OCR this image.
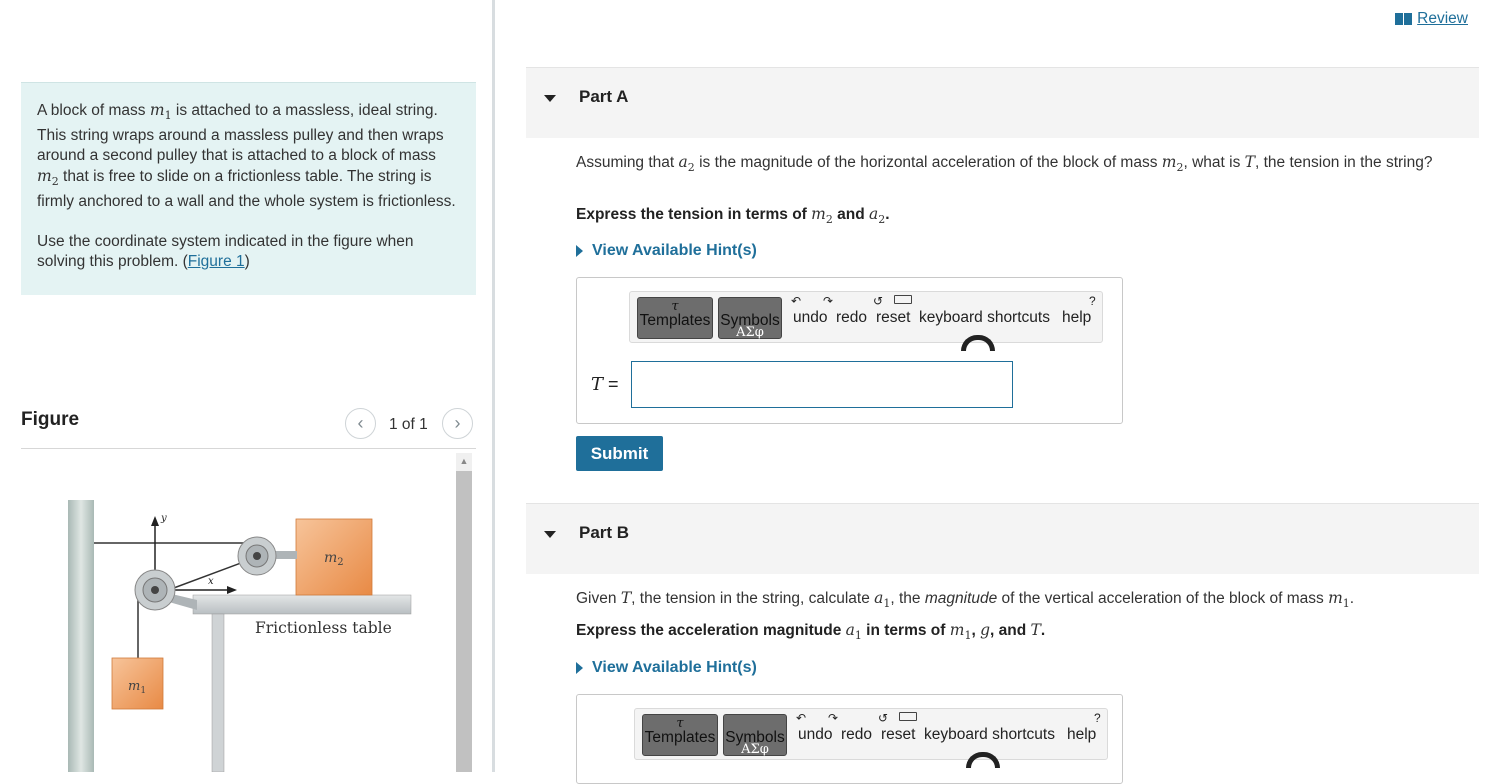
A block of mass $m_1$ is attached to a massless, ideal string. This string wraps around a massless pulley and then wraps around a second pulley that is attached to a block of mass $m_2$ that is free to slide on a frictionless table. The string is firmly anchored to a wall and the whole system is frictionless.

Use the coordinate system indicated in the figure when solving this problem. (Figure 1)

Figure	‹	1 of 1	›
y
x
$m_2$
$m_1$
Frictionless table
▲
Review
Part A
Assuming that $a_2$ is the magnitude of the horizontal acceleration of the block of mass $m_2$, what is T, the tension in the string?
Express the tension in terms of $m_2$ and $a_2$.
View Available Hint(s)
τ
Templates Symbols
ΑΣφ
↶
undo
↷
redo
↺
reset keyboard shortcuts
?
help
T =
Submit
Part B
Given T, the tension in the string, calculate $a_1$, the magnitude of the vertical acceleration of the block of mass $m_1$.
Express the acceleration magnitude $a_1$ in terms of $m_1$, g, and T.
View Available Hint(s)
τ
Templates Symbols
ΑΣφ
↶
undo
↷
redo
↺
reset keyboard shortcuts
?
help
